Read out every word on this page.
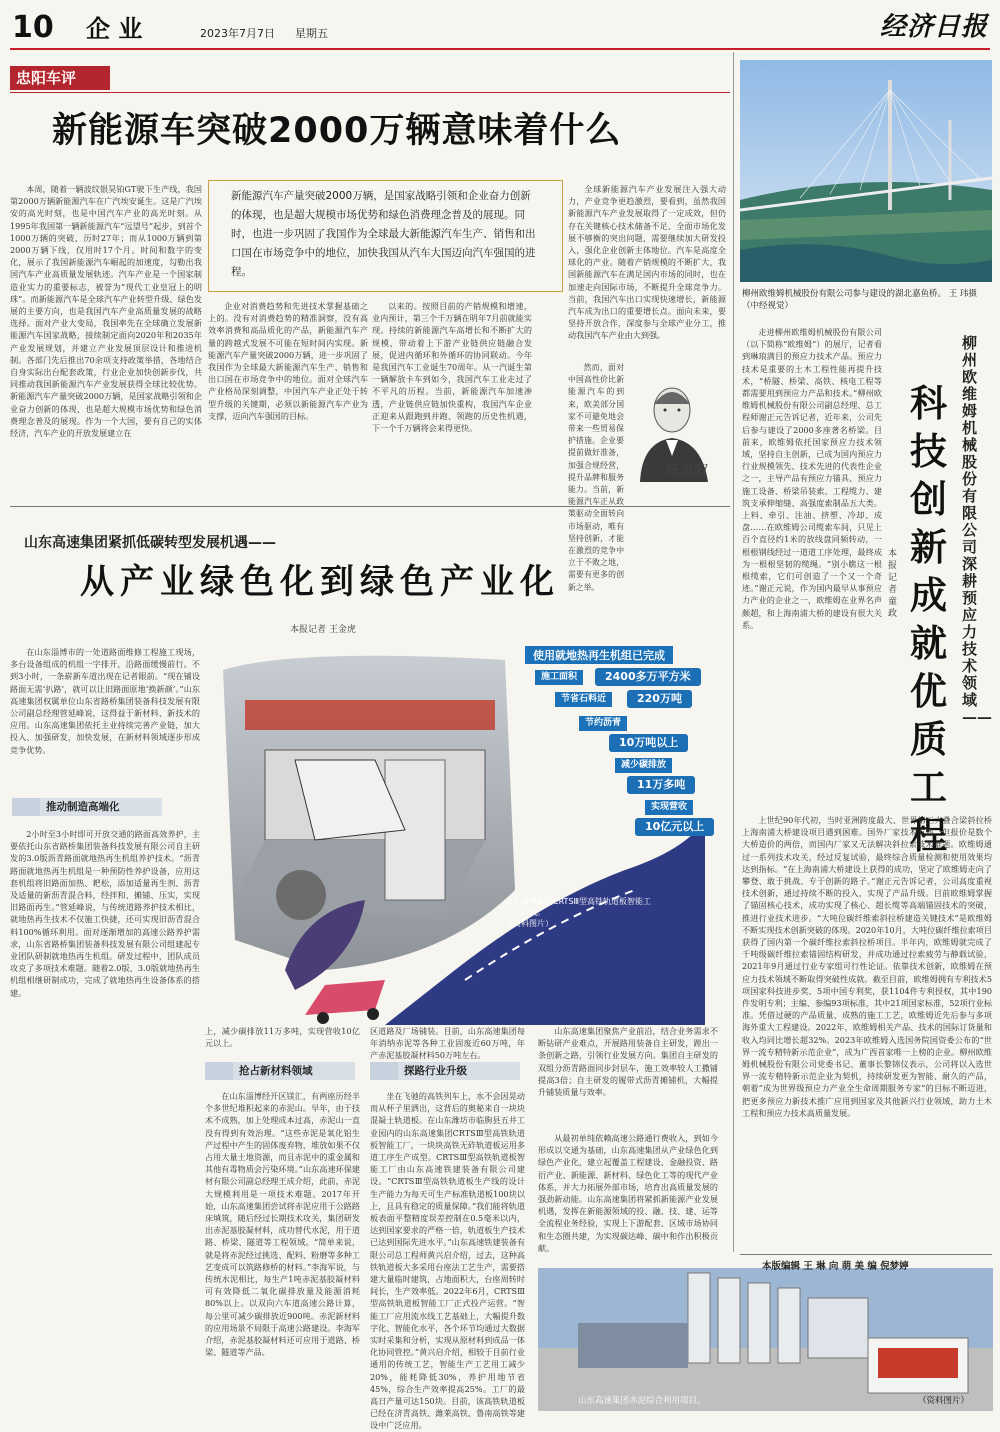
10 企 业	2023年7月7日 星期五	经济日报
忠阳车评
新能源车突破2000万辆意味着什么

本周，随着一辆波纹银昊铂GT驶下生产线，我国第2000万辆新能源汽车在广汽埃安诞生。这是广汽埃安的高光时刻，也是中国汽车产业的高光时刻。从1995年我国第一辆新能源汽车“远望号”起步，到首个1000万辆的突破，历时27年；而从1000万辆到第2000万辆下线，仅用时17个月。时间和数字的变化，展示了我国新能源汽车崛起的加速度，勾勒出我国汽车产业高质量发展轨迹。汽车产业是一个国家制造业实力的重要标志，被誉为“现代工业皇冠上的明珠”。而新能源汽车是全球汽车产业转型升级、绿色发展的主要方向，也是我国汽车产业高质量发展的战略选择。面对产业大变局，我国率先在全球确立发展新能源汽车国家战略，接续制定面向2020年和2035年产业发展规划，并建立产业发展顶层设计和推进机制。各部门先后推出70余项支持政策举措，各地结合自身实际出台配套政策，行业企业加快创新步伐，共同推动我国新能源汽车产业发展获得全球比较优势。新能源汽车产量突破2000万辆，是国家战略引领和企业奋力创新的体现，也是超大规模市场优势和绿色消费理念普及的展现。作为一个大国，要有自己的实体经济，汽车产业的开放发展建立在

新能源汽车产量突破2000万辆，是国家战略引领和企业奋力创新的体现，也是超大规模市场优势和绿色消费理念普及的展现。同时，也进一步巩固了我国作为全球最大新能源汽车生产、销售和出口国在市场竞争中的地位，加快我国从汽车大国迈向汽车强国的进程。

企业对消费趋势和先进技术掌握基础之上的。没有对消费趋势的精准洞察，没有高效率消费和高品质化的产品，新能源汽车产量的跨越式发展不可能在短时间内实现。新能源汽车产量突破2000万辆，进一步巩固了我国作为全球最大新能源汽车生产、销售和出口国在市场竞争中的地位。面对全球汽车产业格局深刻调整，中国汽车产业正处于转型升级的关键期，必须以新能源汽车产业为支撑，迈向汽车强国的目标。

以来的。按照目前的产销规模和增速，业内预计，第三个千万辆在明年7月前就能实现。持续的新能源汽车高增长和不断扩大的规模，带动着上下游产业链供应链融合发展，促进内循环和外循环的协同联动。今年是我国汽车工业诞生70周年。从一汽诞生第一辆解放卡车到如今，我国汽车工业走过了不平凡的历程。当前，新能源汽车加速渗透，产业链供应链加快重构，我国汽车企业正迎来从跟跑到并跑、领跑的历史性机遇，下一个千万辆将会来得更快。

全球新能源汽车产业发展注入强大动力，产业竞争更趋激烈，要看到，虽然我国新能源汽车产业发展取得了一定成效，但仍存在关键核心技术储备不足、全面市场化发展不够衡的突出问题，需要继续加大研发投入，强化企业创新主体地位。汽车是高度全球化的产业。随着产销规模的不断扩大，我国新能源汽车在满足国内市场的同时，也在加速走向国际市场，不断提升全球竞争力。当前，我国汽车出口实现快速增长，新能源汽车成为出口的重要增长点。面向未来，要坚持开放合作，深度参与全球产业分工，推动我国汽车产业由大到强。

然而，面对中国高性价比新能源汽车的到来，欧美部分国家不可避免地会带来一些贸易保护措施。企业要提前做好准备，加强合规经营，提升品牌和服务能力。当前，新能源汽车正从政策驱动全面转向市场驱动，唯有坚持创新，才能在激烈的竞争中立于不败之地，需要有更多的创新之举。

杨忠阳
山东高速集团紧抓低碳转型发展机遇——
从产业绿色化到绿色产业化
本报记者 王金虎

在山东淄博市的一处道路面维修工程施工现场，多台设备组成的机组一字排开，沿路面缓慢前行。不到3小时，一条崭新车道出现在记者眼前。“现在铺设路面无需‘扒路’，就可以让旧路面原地‘换新颜’。”山东高速集团权属单位山东省路桥集团装备科技发展有限公司副总经理管延峰说，这得益于新材料、新技术的应用。山东高速集团依托主业持续完善产业链，加大投入、加强研发，加快发展，在新材料领域逐步形成竞争优势。

推动制造高端化

2小时至3小时即可开放交通的路面高效养护，主要依托山东省路桥集团装备科技发展有限公司自主研发的3.0版沥青路面就地热再生机组养护技术。“沥青路面就地热再生机组是一种预防性养护设备，应用这套机组将旧路面加热、耙松，添加适量再生剂、沥青及适量的新沥青混合料，经拌和、摊铺、压实，实现旧路面再生。”管延峰说，与传统道路养护技术相比，就地热再生技术不仅施工快捷，还可实现旧沥青混合料100%循环利用。面对逐渐增加的高速公路养护需求，山东省路桥集团装备科技发展有限公司组建起专业团队研制就地热再生机组。研发过程中，团队成员攻克了多项技术难题。随着2.0版、3.0版就地热再生机组相继研制成功，完成了就地热再生设备体系的搭建。

使用就地热再生机组已完成
施工面积	2400多万平方米
节省石料近	220万吨
节约沥青
10万吨以上
减少碳排放
11万多吨
实现营收
10亿元以上
山东高速集团CRTSⅢ型高铁轨道板智能工厂生产线。
（资料图片）

上，减少碳排放11万多吨，实现营收10亿元以上。

抢占新材料领域

在山东淄博经开区镁汇，有两座历经半个多世纪堆积起来的赤泥山。早年，由于技术不成熟，加上处理成本过高，赤泥山一直没有得到有效治理。“这些赤泥是氧化铝生产过程中产生的固体废弃物，堆放如果不仅占用大量土地资源，而且赤泥中的重金属和其他有毒物质会污染环境。”山东高速环保建材有限公司副总经理王成介绍，此前，赤泥大规模利用是一项技术难题。2017年开始，山东高速集团尝试将赤泥应用于公路路床填筑，随后经过长期技术攻关，集团研发出赤泥基胶凝材料，成功替代水泥，用于道路、桥梁、隧道等工程领域。“简单来说，就是将赤泥经过挑选、配料、粉磨等多种工艺变成可以筑路修桥的材料。”李海军说，与传统水泥相比，每生产1吨赤泥基胶凝材料可有效降低二氧化碳排放量及能源消耗80%以上。以双向六车道高速公路计算，每公里可减少碳排放近900吨。赤泥新材料的应用场景不局限于高速公路建设。李海军介绍，赤泥基胶凝材料还可应用于道路、桥梁、隧道等产品。

区道路及厂场铺装。目前，山东高速集团每年消纳赤泥等各种工业固废近60万吨，年产赤泥基胶凝材料50万吨左右。

探路行业升级

坐在飞驰的高铁列车上，水不会因晃动而从杯子里洒出，这背后的奥秘来自一块块混凝土轨道板。在山东潍坊市临朐县五井工业园内的山东高速集团CRTSⅢ型高铁轨道板智能工厂，一块块高铁无砟轨道板运用多道工序生产成型。CRTSⅢ型高铁轨道板智能工厂由山东高速铁建装备有限公司建设。“CRTSⅢ型高铁轨道板生产线的设计生产能力为每天可生产标准轨道板100块以上，且具有稳定的质量保障。”我们能将轨道板表面平整精度误差控制在0.5毫米以内，达到国家要求的严格一倍，轨道板生产技术已达到国际先进水平。”山东高速铁建装备有限公司总工程师黄兴启介绍，过去，这种高铁轨道板大多采用台座法工艺生产，需要搭建大量临时建筑，占地面积大，台座周转时间长，生产效率低。2022年6月，CRTSⅢ型高铁轨道板智能工厂正式投产运营。“智能工厂应用流水线工艺基础上，大幅提升数字化、智能化水平，各个环节均通过大数据实时采集和分析，实现从原材料到成品一体化协同管控。”黄兴启介绍，相较于目前行业通用的传统工艺，智能生产工艺用工减少20%，能耗降低30%，养护用地节省45%，综合生产效率提高25%。工厂的最高日产量可达150块。目前，该高铁轨道板已经在济青高铁、潍莱高铁、鲁南高铁等建设中广泛应用。

山东高速集团聚焦产业前沿，结合业务需求不断钻研产业难点，开展路用装备自主研发，蹚出一条创新之路，引领行业发展方向。集团自主研发的双组分沥青路面同步封层车，施工效率较人工撒铺提高3倍；自主研发的履带式沥青摊铺机，大幅提升铺装质量与效率。

从最初单纯依赖高速公路通行费收入，到如今形成以交通为基础，山东高速集团从产业绿色化到绿色产业化，建立起覆盖工程建设、金融投资、路衍产业、新能源、新材料、绿色化工等的现代产业体系，并大力拓展外部市场，培育出高质量发展的强劲新动能。山东高速集团将紧抓新能源产业发展机遇，发挥在新能源领域的投、融、技、建、运等全流程业务经验，实现上下游配套、区域市场协同和生态圈共建，为实现碳达峰、碳中和作出积极贡献。

山东高速集团赤泥综合利用项目。	（资料图片）
柳州欧维姆机械股份有限公司参与建设的湖北嘉鱼桥。 王 玮摄（中经视觉）
柳州欧维姆机械股份有限公司深耕预应力技术领域——
科技创新成就优质工程
本报记者 童 政

走进柳州欧维姆机械股份有限公司（以下简称“欧维姆”）的展厅，记者看到琳琅满目的预应力技术产品。预应力技术是重要的土木工程性能再提升技术，“桥隧、桥梁、高铁、核电工程等都需要用到预应力产品和技术。”柳州欧维姆机械股份有限公司副总经理、总工程师谢正元告诉记者，近年来，公司先后参与建设了2000多座著名桥梁。目前来，欧维姆依托国家预应力技术领域，坚持自主创新，已成为国内预应力行业规模领先、技术先进的代表性企业之一，主导产品有预应力锚具、预应力施工设备、桥梁吊装索、工程缆力、建筑支承伸缩缝、高强度索制品五大类。上料、牵引、注油、挤塑、冷却、成盘……在欧维姆公司缆索车间，只见上百个直径约1米的放线盘同频转动，一根根钢线经过一道道工序处理，最终成为一根根坚韧的缆绳。“别小瞧这一根根缆索，它们可创造了一个又一个奇迹。”谢正元说，作为国内最早从事预应力产业的企业之一，欧维姆在业界名声颇超，和上海南浦大桥的建设有很大关系。

上世纪90年代初，当时亚洲跨度最大、世界第三大叠合梁斜拉桥上海南浦大桥建设项目遇到困难。国外厂家技术成熟，但报价是数个大桥造价的两倍，而国内厂家又无法解决斜拉索技术难题。欧维姆通过一系列技术攻关，经过反复试验，最终综合质量检测和使用效果均达到指标。“在上海南浦大桥建设上获得的成功，坚定了欧维姆走向了攀登、敢于挑战、专于创新的路子。”谢正元告诉记者，公司高度重视技术创新，通过持续不断的投入，实现了产品升级。目前欧维姆掌握了锚固核心技术，成功实现了核心、超长缆等高端锚固技术的突破，推进行业技术进步。“大吨位碳纤维索斜拉桥建造关键技术”是欧维姆不断实现技术创新突破的体现。2020年10月，大吨位碳纤维拉索项目获得了国内第一个碳纤维拉索斜拉桥项目。半年内，欧维姆就完成了千吨级碳纤维拉索锚固结构研发，并成功通过拉索疲劳与静载试验，2021年9月通过行业专家组可行性论证。依靠技术创新，欧维姆在预应力技术领域不断取得突破性成就。截至目前，欧维姆拥有专利技术5项国家科技进步奖、5项中国专利奖，获1104件专利授权，其中190件发明专利；主编、参编93项标准，其中21项国家标准，52项行业标准。凭借过硬的产品质量、成熟的施工工艺，欧维姆近先后参与多项海外重大工程建设。2022年，欧维姆相关产品、技术的国际订货量和收入均同比增长超32%。2023年欧维姆入选国务院国资委公布的“世界一流专精特新示范企业”，成为广西首家唯一上榜的企业。柳州欧维姆机械股份有限公司党委书记、董事长黎锦仪表示，公司将以入选世界一流专精特新示范企业为契机，持续研发更为智能、耐久的产品，朝着“成为世界级预应力产业全生命周期服务专家”的目标不断迈进，把更多预应力新技术推广应用到国家及其他新兴行业领域，助力土木工程和预应力技术高质量发展。

本版编辑 王 琳 向 萌 美 编 倪梦婷
